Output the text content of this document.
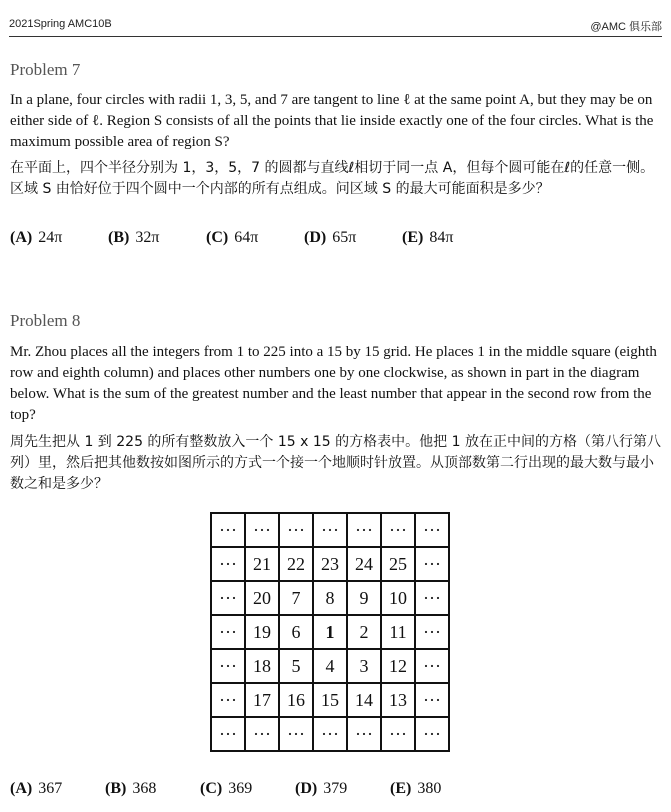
2021Spring AMC10B	@AMC 俱乐部
Problem 7

In a plane, four circles with radii 1, 3, 5, and 7 are tangent to line ℓ at the same point A, but they may be on either side of ℓ. Region S consists of all the points that lie inside exactly one of the four circles. What is the maximum possible area of region S?

在平面上，四个半径分别为 1，3，5，7 的圆都与直线ℓ相切于同一点 A，但每个圆可能在ℓ的任意一侧。区域 S 由恰好位于四个圆中一个内部的所有点组成。问区域 S 的最大可能面积是多少？

(A) 24π	(B) 32π	(C) 64π	(D) 65π	(E) 84π
Problem 8

Mr. Zhou places all the integers from 1 to 225 into a 15 by 15 grid. He places 1 in the middle square (eighth row and eighth column) and places other numbers one by one clockwise, as shown in part in the diagram below. What is the sum of the greatest number and the least number that appear in the second row from the top?

周先生把从 1 到 225 的所有整数放入一个 15 x 15 的方格表中。他把 1 放在正中间的方格（第八行第八列）里，然后把其他数按如图所示的方式一个接一个地顺时针放置。从顶部数第二行出现的最大数与最小数之和是多少？

···	···	···	···	···	···	···
···	21	22	23	24	25	···
···	20	7	8	9	10	···
···	19	6	1	2	11	···
···	18	5	4	3	12	···
···	17	16	15	14	13	···
···	···	···	···	···	···	···
(A) 367	(B) 368	(C) 369	(D) 379	(E) 380
